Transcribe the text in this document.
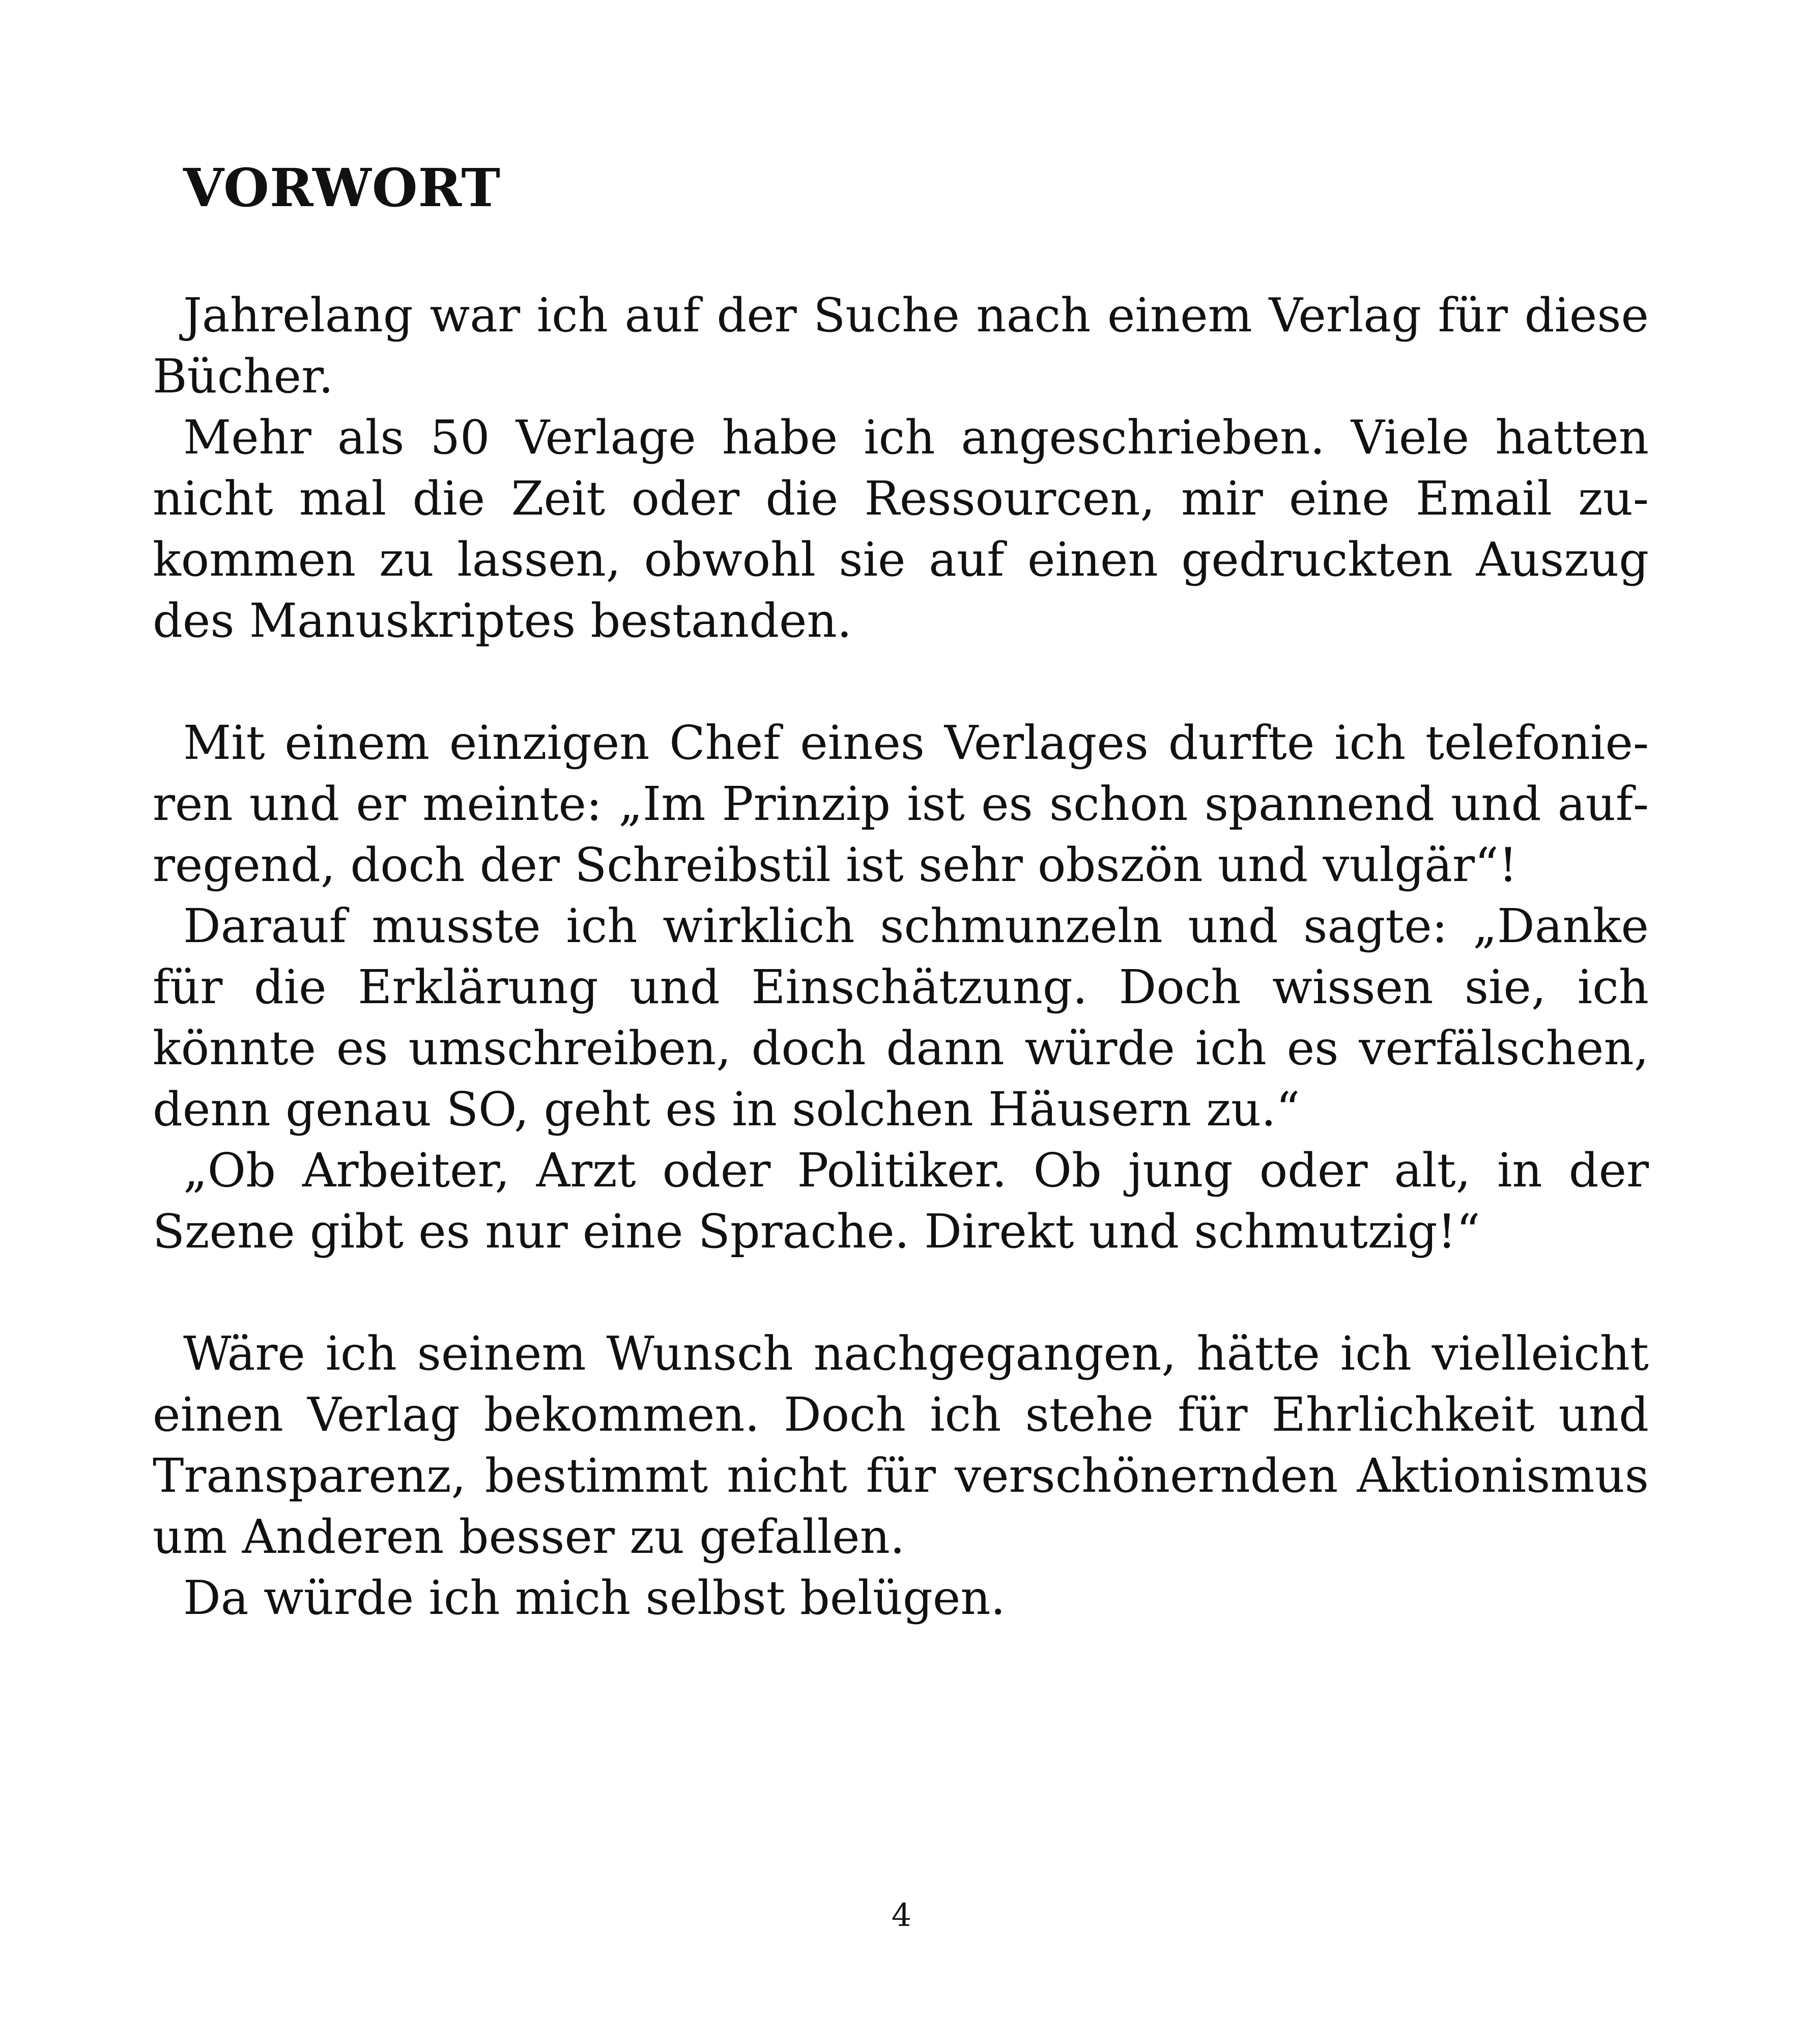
VORWORT

Jahrelang war ich auf der Suche nach einem Verlag für diese Bücher.

Mehr als 50 Verlage habe ich angeschrieben. Viele hatten nicht mal die Zeit oder die Ressourcen, mir eine Email zukommen zu lassen, obwohl sie auf einen gedruckten Auszug des Manuskriptes bestanden.

Mit einem einzigen Chef eines Verlages durfte ich telefonieren und er meinte: „Im Prinzip ist es schon spannend und aufregend, doch der Schreibstil ist sehr obszön und vulgär“!

Darauf musste ich wirklich schmunzeln und sagte: „Danke für die Erklärung und Einschätzung. Doch wissen sie, ich könnte es umschreiben, doch dann würde ich es verfälschen, denn genau SO, geht es in solchen Häusern zu.“

„Ob Arbeiter, Arzt oder Politiker. Ob jung oder alt, in der Szene gibt es nur eine Sprache. Direkt und schmutzig!“

Wäre ich seinem Wunsch nachgegangen, hätte ich vielleicht einen Verlag bekommen. Doch ich stehe für Ehrlichkeit und Transparenz, bestimmt nicht für verschönernden Aktionismus um Anderen besser zu gefallen.

Da würde ich mich selbst belügen.

4
